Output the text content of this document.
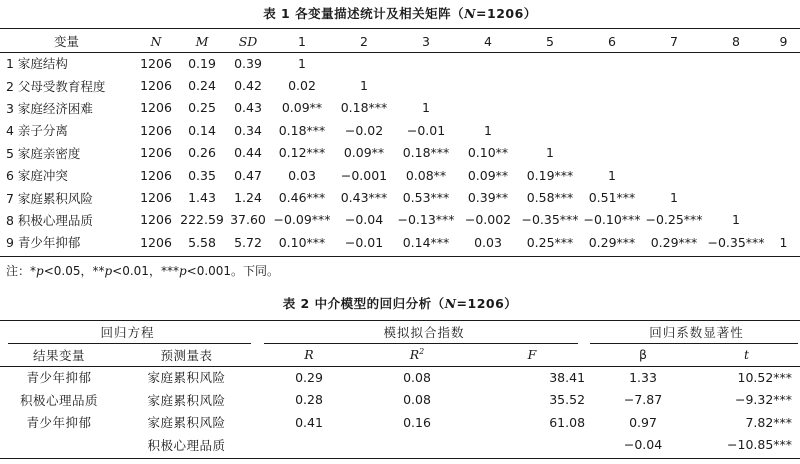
表 1 各变量描述统计及相关矩阵（N=1206）
变量	N	M	SD	1	2	3	4	5	6	7	8	9
1 家庭结构	1206	0.19	0.39	1								
2 父母受教育程度	1206	0.24	0.42	0.02	1							
3 家庭经济困难	1206	0.25	0.43	0.09**	0.18***	1						
4 亲子分离	1206	0.14	0.34	0.18***	−0.02	−0.01	1					
5 家庭亲密度	1206	0.26	0.44	0.12***	0.09**	0.18***	0.10**	1				
6 家庭冲突	1206	0.35	0.47	0.03	−0.001	0.08**	0.09**	0.19***	1			
7 家庭累积风险	1206	1.43	1.24	0.46***	0.43***	0.53***	0.39**	0.58***	0.51***	1		
8 积极心理品质	1206	222.59	37.60	−0.09***	−0.04	−0.13***	−0.002	−0.35***	−0.10***	−0.25***	1	
9 青少年抑郁	1206	5.58	5.72	0.10***	−0.01	0.14***	0.03	0.25***	0.29***	0.29***	−0.35***	1
注：*p<0.05，**p<0.01，***p<0.001。下同。
表 2 中介模型的回归分析（N=1206）
回归方程		模拟拟合指数			回归系数显著性	
结果变量	预测量表	R	$R^2$	F	β	t
青少年抑郁	家庭累积风险	0.29	0.08	38.41	1.33	10.52***
积极心理品质	家庭累积风险	0.28	0.08	35.52	−7.87	−9.32***
青少年抑郁	家庭累积风险	0.41	0.16	61.08	0.97	7.82***
	积极心理品质				−0.04	−10.85***
